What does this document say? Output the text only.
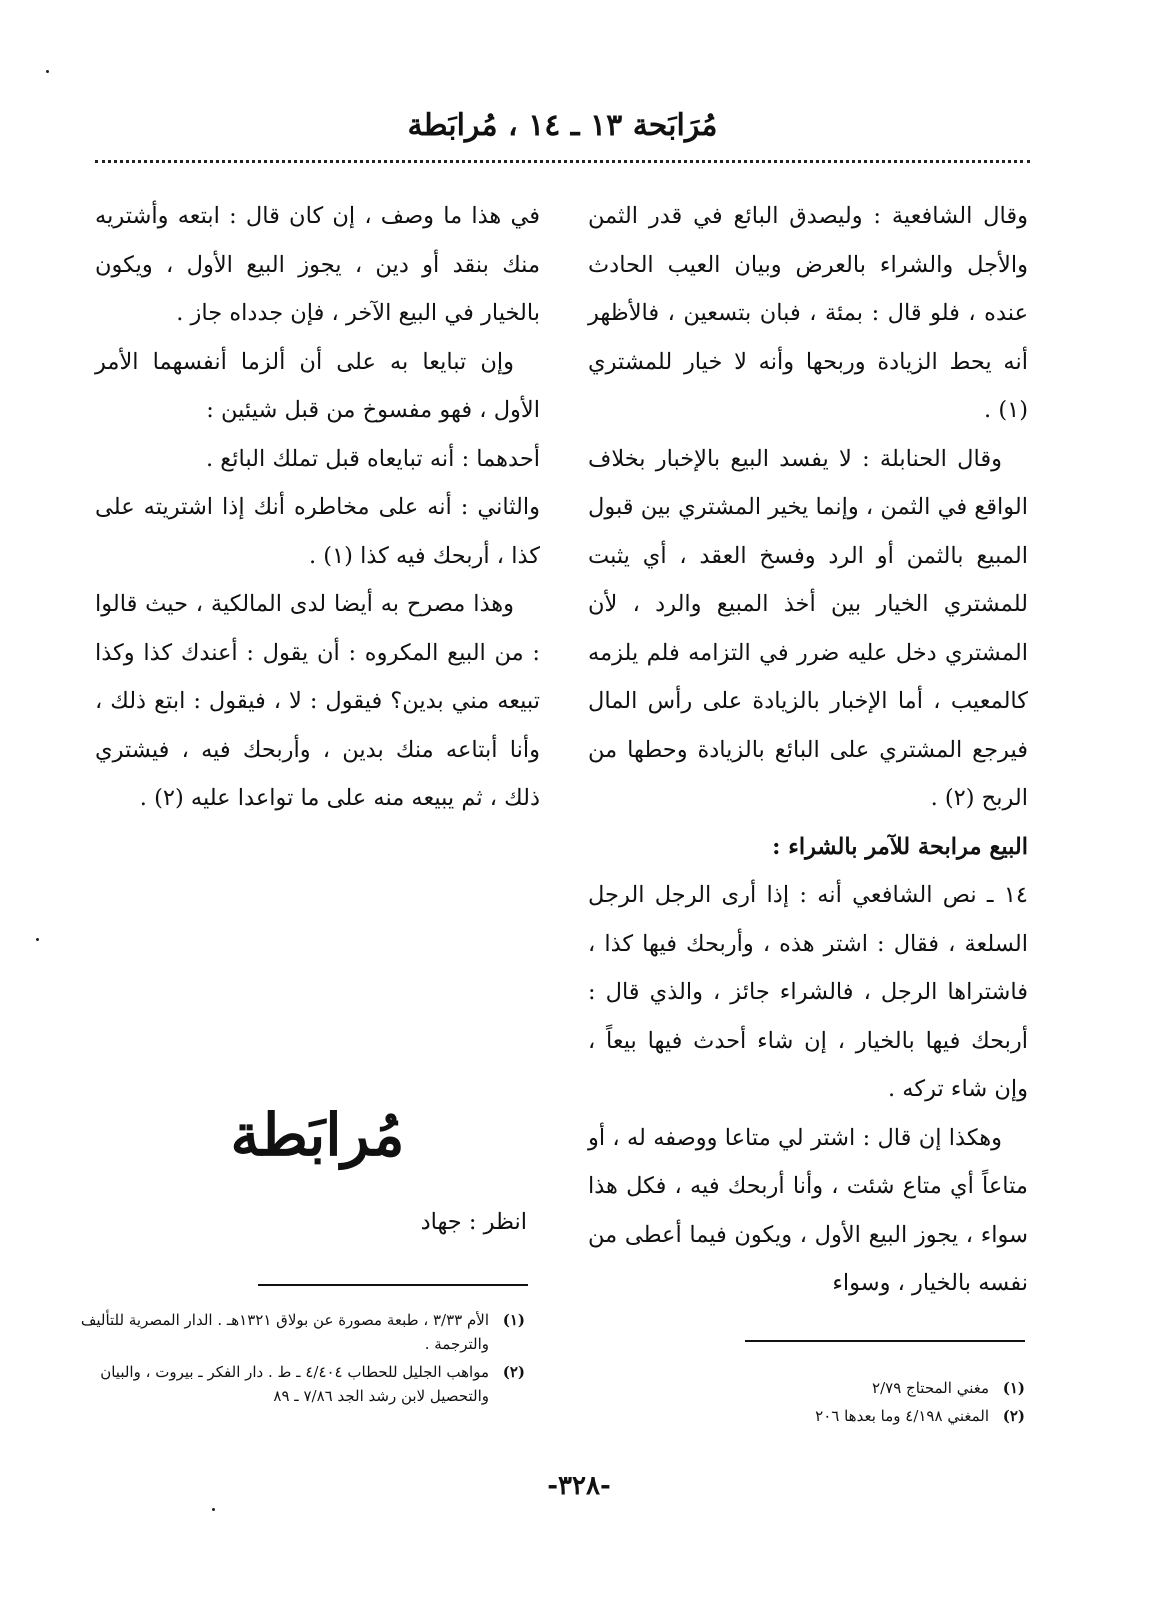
مُرَابَحة ١٣ ـ ١٤ ، مُرابَطة

وقال الشافعية : وليصدق البائع في قدر الثمن والأجل والشراء بالعرض وبيان العيب الحادث عنده ، فلو قال : بمئة ، فبان بتسعين ، فالأظهر أنه يحط الزيادة وربحها وأنه لا خيار للمشتري (١) .

وقال الحنابلة : لا يفسد البيع بالإخبار بخلاف الواقع في الثمن ، وإنما يخير المشتري بين قبول المبيع بالثمن أو الرد وفسخ العقد ، أي يثبت للمشتري الخيار بين أخذ المبيع والرد ، لأن المشتري دخل عليه ضرر في التزامه فلم يلزمه كالمعيب ، أما الإخبار بالزيادة على رأس المال فيرجع المشتري على البائع بالزيادة وحطها من الربح (٢) .

البيع مرابحة للآمر بالشراء :

١٤ ـ نص الشافعي أنه : إذا أرى الرجل الرجل السلعة ، فقال : اشتر هذه ، وأربحك فيها كذا ، فاشتراها الرجل ، فالشراء جائز ، والذي قال : أربحك فيها بالخيار ، إن شاء أحدث فيها بيعاً ، وإن شاء تركه .

وهكذا إن قال : اشتر لي متاعا ووصفه له ، أو متاعاً أي متاع شئت ، وأنا أربحك فيه ، فكل هذا سواء ، يجوز البيع الأول ، ويكون فيما أعطى من نفسه بالخيار ، وسواء

في هذا ما وصف ، إن كان قال : ابتعه وأشتريه منك بنقد أو دين ، يجوز البيع الأول ، ويكون بالخيار في البيع الآخر ، فإن جدداه جاز .

وإن تبايعا به على أن ألزما أنفسهما الأمر الأول ، فهو مفسوخ من قبل شيئين :

أحدهما : أنه تبايعاه قبل تملك البائع .

والثاني : أنه على مخاطره أنك إذا اشتريته على كذا ، أربحك فيه كذا (١) .

وهذا مصرح به أيضا لدى المالكية ، حيث قالوا : من البيع المكروه : أن يقول : أعندك كذا وكذا تبيعه مني بدين؟ فيقول : لا ، فيقول : ابتع ذلك ، وأنا أبتاعه منك بدين ، وأربحك فيه ، فيشتري ذلك ، ثم يبيعه منه على ما تواعدا عليه (٢) .

مُرابَطة
انظر : جهاد
(١)
الأم ٣/٣٣ ، طبعة مصورة عن بولاق ١٣٢١هـ . الدار المصرية للتأليف والترجمة .
(٢)
مواهب الجليل للحطاب ٤/٤٠٤ ـ ط . دار الفكر ـ بيروت ، والبيان والتحصيل لابن رشد الجد ٧/٨٦ ـ ٨٩	(١)
مغني المحتاج ٢/٧٩
(٢)
المغني ٤/١٩٨ وما بعدها ٢٠٦
-٣٢٨-
